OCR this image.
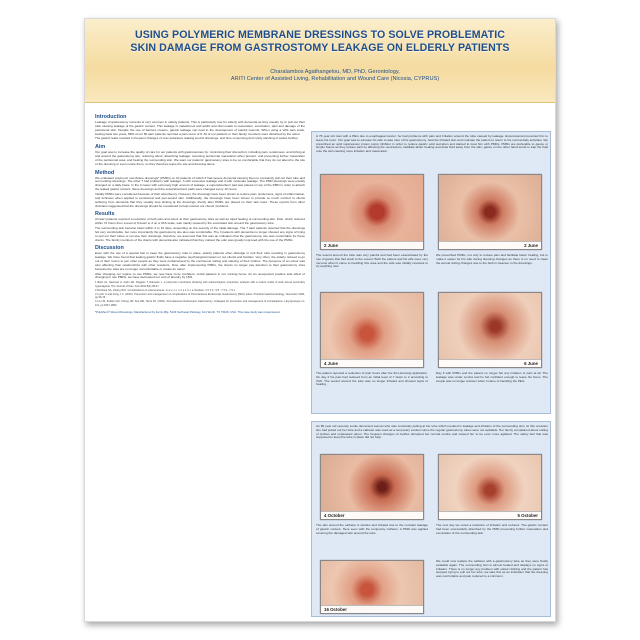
USING POLYMERIC MEMBRANE DRESSINGS TO SOLVE PROBLEMATIC
SKIN DAMAGE FROM GASTROSTOMY LEAKAGE ON ELDERLY PATIENTS
Charalambos Agathangelou, MD, PhD, Gerontology,
ARITI Center of Assisted Living, Rehabilitation and Wound Care (Nicosia, CYPRUS)
Introduction

Leakage of gastrostomy contents is very common in elderly patients. This is particularly true for elderly with dementia as they usually try to pull out their tube causing leakage of the gastric content. This leakage is malodorous and acidic and often leads to maceration, excoriation, pain and damage of the peristomal skin. Despite the use of barriers creams, gastric leakage can lead to the development of painful wounds. When using a VAS pain scale, looking back two years, 88% of our 60 alert patients reported a pain score of 8. All of our patients or their family members were disturbed by the odour.

The gastric leaks resulted in frequent changes of over-saturated, leaking wound dressings, and time consuming and costly washing of soiled clothes.

Aim

Our goal was to increase the quality of care for our patients with gastrostomies by: minimising their discomfort, including pain, tenderness, and itching at and around the gastrostomy site; reducing odour; absorbing leakage; reversing peristomal maceration when present, and preventing further maceration of the peristomal area; and healing the surrounding skin. We want our patients' gastrostomy sites to be so comfortable that they do not attend to the site or the dressing or even notice them, so they therefore leave the site and dressing alone.

Method

We evaluated polymeric membrane dressings* (PMDs) on 10 patients of which 3 had severe dementia causing them to constantly pull out their tube and surrounding dressings. The other 7 had problems with leakage, 3 with excessive leakage and 4 with moderate leakage. The PMD dressings were usually changed on a daily basis. In the 3 cases with extremely high amount of leakage, a superabsorbent pad was placed on top of the PMD in order to absorb the leaked gastric content; these dressings and the superabsorbent pads were changed every 12 hours.

Initially PMDs were considered because of their absorbency. However, the dressings have been shown to reduce pain, tenderness, signs of inflammation, and itchiness when applied to peristomal and peri-wound skin. Additionally, the dressings have been shown to provide so much comfort to clients suffering from dementia that they usually stop picking at the dressings shortly after PMDs are placed on their skin tears. These reports from other clinicians suggested that the dressings should be considered to help resolve our clients' problems.

Results

All alert patients reported a reduction of both pain and odour at their gastrostomy sites as well as rapid healing of surrounding skin. Pain, which reduced within 72 hours from a level of 8 down to 3 on a VAS scale, was mainly caused by the excoriated skin around the gastrostomy tube.

The surrounding skin became intact within 3 to 10 days, depending on the severity of the initial damage. The 7 alert patients reported that the dressings felt very comfortable, but more importantly the gastrostomy site also was comfortable. The 3 patients with dementia no longer showed any signs of trying to pull out their tubes or remove their dressings; therefore, we assumed that this was an indication that the gastrostomy site was comfortable for these clients. The family members of the clients with dementia also indicated that they noticed the odor was greatly improved with the use of the PMDs.

Discussion

Even with the use of a special belt to keep the gastrostomy tube in place, elderly patients often dislodge or pull their tube resulting in gastrostomy leakage. We have found that leaking gastric fluids have a negative psychological impact on our clients and families. Very often, the elderly refused to go out of their rooms to join other people as they were embarrassed by the continuous soiling and staining of their clothes. The presence of an odour was also affecting their relationships with other residents. Now, after implementing PMDs, the clients no longer pay attention to their gastrostomy sites because the sites are no longer uncomfortable or create an odour.

After changing our regime to use PMDs, we now have more confident, social patients in our nursing home. As an unexpected positive side effect of changing to use PMDs, we have decreased our cost of laundry by 15%.

1 Beitz AJ, Newman A, Kahn AR, Ruggles T, Eikmeier L. A polymeric membrane dressing with antinociceptive properties: analysis with a rodent model of stab wound secondary hyperalgesia. The Journal of Pain. Feb 2004;5(1):38-47.

2 McClave SA, Chang W-K. Complications of enteral access. G a s t r o i n t e s t i n a l Endosc. 2 0 0 3 ; 5 8 : 7 3 9 - 7 5 1 .

3 Lynch C and Fang J C. (2004). Prevention and management of complications of Percutaneous Endoscopic Gastrostomy (PEG) tubes. Practical Gastroenterology, November 2004, pp 66-76.

4 Lin HS, Ibrahim HZ, Kheng JW, Fee WE, Terris DJ. (2001). Percutaneous Endoscopic Gastrostomy: strategies for prevention and management of complications. Laryngoscope no. 111, pp 1847-1852.

*PolyMem® Wound Dressings, Manufactured by Ferris Mfg. 5133 Northeast Parkway, Fort Worth, TX 76106, USA. This case study was unsponsored.

A 76 year old man with a PEG due to esophageal cancer; he had problems with pain and irritation around the tube caused by leakage. Enterostomal prevented him to leave his room. Our goal was to educate his wife to take care of his gastrostomy, heal the irritated skin and motivate the patient to return to his normal daily activities. We prescribed an acid suppression proton pump inhibitor in order to reduce gastric acid secretion and started to treat him with PMDs. PMDs are preferable to gauze or simple foams as they reduce pain by affecting the nociceptors, facilitate faster healing and draw fluid away from the skin; gauze on the other hand tends to trap the fluid onto the skin causing more irritation and maceration.

2 June	2 June

The wound around the tube was very painful and had been exacerbated by the use of gauze that had stuck to the wound. Both the patient and his wife were very nervous when it came to handling this area and the wife was initially reluctant to try anything new.

We prescribed PMDs, not only to reduce pain and facilitate faster healing, but to make it easier for his wife during dressing changes as there is no need to clean the wound during changes due to the built in cleanser in the dressings.

4 June	6 June

The patient reported a reduction of pain hours after the first dressing application. On day 2 his pain had reduced from an initial level of 7 down to 2 according to VAS. The wound around the tube was no longer irritated and showed signs of healing.

Day 6 with PMDs and the patient no longer felt any irritation or pain at all. The leakage was under control and he felt confident enough to leave his home. The couple was no longer anxious when it came to handling the PEG.

An 80 year old severely senile demented woman who was constantly pulling at her tube which resulted in leakage and irritation of the surrounding skin. At this occasion she had pulled out her tube and a catheter was used as a temporary solution since the regular gastrostomy tubes were not available. Her family complained about soiling of clothes and unpleasant odour. The frequent changes of clothes disrupted her normal routine and caused her to be even more agitated. The safety belt that was supposed to keep the tube in place did not help.

4 October	5 October

The skin around the catheter is swollen and irritated due to the constant leakage of gastric content. Here seen with the temporary catheter. A PMD was applied covering the damaged skin around the tube.

The next day we noted a reduction of irritation and redness. The gastric content had been successfully absorbed by the PMD preventing further maceration and excoriation of the surrounding skin.

16 October

We could now replace the catheter with a gastrostomy tube as they were finally available again. The surrounding skin is almost healed and displays no signs of irritation. There is no longer any problem with soiled clothing and the patient has stopped trying to pull out her tube, we take this as an indication that the dressing was comfortable and pain reduced to a minimum.
